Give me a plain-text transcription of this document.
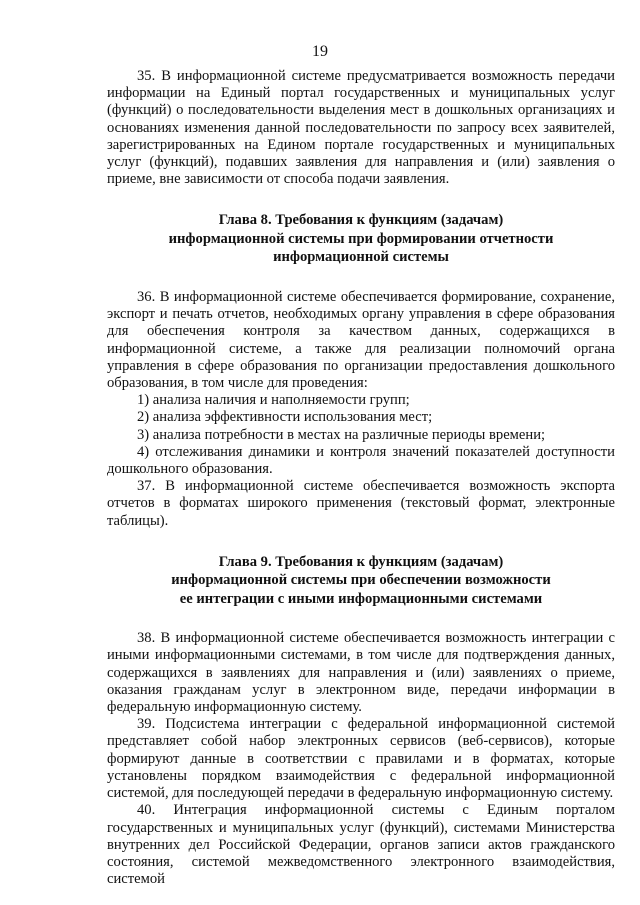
19

35. В информационной системе предусматривается возможность передачи информации на Единый портал государственных и муниципальных услуг (функций) о последовательности выделения мест в дошкольных организациях и основаниях изменения данной последовательности по запросу всех заявителей, зарегистрированных на Едином портале государственных и муниципальных услуг (функций), подавших заявления для направления и (или) заявления о приеме, вне зависимости от способа подачи заявления.

Глава 8. Требования к функциям (задачам)
информационной системы при формировании отчетности
информационной системы

36. В информационной системе обеспечивается формирование, сохранение, экспорт и печать отчетов, необходимых органу управления в сфере образования для обеспечения контроля за качеством данных, содержащихся в информационной системе, а также для реализации полномочий органа управления в сфере образования по организации предоставления дошкольного образования, в том числе для проведения:

1) анализа наличия и наполняемости групп;

2) анализа эффективности использования мест;

3) анализа потребности в местах на различные периоды времени;

4) отслеживания динамики и контроля значений показателей доступности дошкольного образования.

37. В информационной системе обеспечивается возможность экспорта отчетов в форматах широкого применения (текстовый формат, электронные таблицы).

Глава 9. Требования к функциям (задачам)
информационной системы при обеспечении возможности
ее интеграции с иными информационными системами

38. В информационной системе обеспечивается возможность интеграции с иными информационными системами, в том числе для подтверждения данных, содержащихся в заявлениях для направления и (или) заявлениях о приеме, оказания гражданам услуг в электронном виде, передачи информации в федеральную информационную систему.

39. Подсистема интеграции с федеральной информационной системой представляет собой набор электронных сервисов (веб-сервисов), которые формируют данные в соответствии с правилами и в форматах, которые установлены порядком взаимодействия с федеральной информационной системой, для последующей передачи в федеральную информационную систему.

40. Интеграция информационной системы с Единым порталом государственных и муниципальных услуг (функций), системами Министерства внутренних дел Российской Федерации, органов записи актов гражданского состояния, системой межведомственного электронного взаимодействия, системой
